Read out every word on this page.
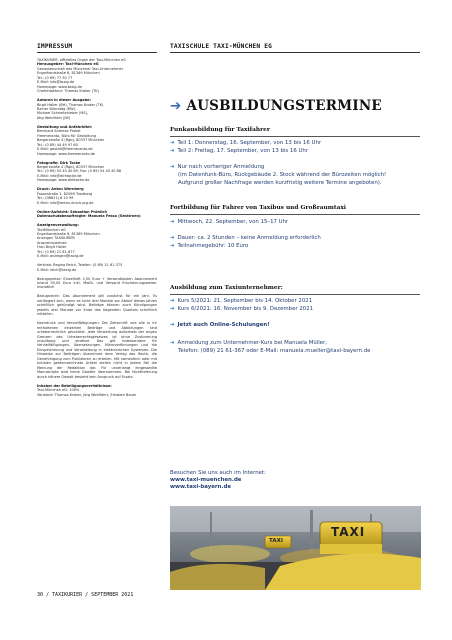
IMPRESSUM	TAXISCHULE TAXI-MÜNCHEN EG
TAXIKURIER, offizielles Organ der Taxi-München eG
Herausgeber: Taxi-München eG
Genossenschaft des Münchner Taxi-Unternehmer
Engelhardstraße 6, 81369 München
Tel.: (0 89) 77 30 77
E-Mail: info@taxig.de
Homepage: www.taxig.de
Chefredakteur: Thomas Kroker (TK)
Autoren in dieser Ausgabe:
Birgit Haller (BH), Thomas Kroker (TK)
Rainer Würrstäg (RW),
Michael Schneitenleber (MS),
Jörg Wohlfahrt (JW)
Gestaltung und Anfahrkitel:
Bernhard Andreas Probst
Freemeranto, Büro für Gestaltung
Bergerstraße 4 (Rgb), 80337 München
Tel.: (0 89) 44 49 97 60
E-Mail: gestalt@freemeranto.de
Homepage: www.freemeranto.de
Fotografie: Dirk Tacke
Bergerstraße 4 (Rgb), 80337 München
Tel.: (0 89) 54 40 40 69, Fax: (0 89) 54 40 40 88
E-Mail: info@dirktacke.de
Homepage: www.dirktacke.de
Druck: Anton Wernberg
Fasanstraße 1, 82069 Trostberg
Tel.: (08621) 6 10 99
E-Mail: info@anton-druck.org.de
Online-Aufsicht: Sebastian Pröhlich
Datenschutzbeauftragte: Manuela Fessa (Gestirnen)
Anzeigenverwaltung:
TaxiMünchen eG
Engelhardstraße 6, 81369 München
Anzeigen TAXIKURIER
Ansprechpartner:
Frau Birgit Haller
Tel.: (0 89) 21 61-677
E-Mail: anzeigen@taxig.de
Vertrieb: Regina Reich, Telefon: (0 89) 21 61-375
E-Mail: reich@taxig.de
Bezugspreise: Einzelheft 2,50 Euro + Versandkosten Abonnement Inland 30,00 Euro inkl. MwSt. und Versand Erscheinungsweise: monatlich
Bezugsrecht: Das Abonnement gilt zunächst für ein Jahr. Es verlängert sich, wenn es nicht drei Monate vor Ablauf dieses Jahres schriftlich gekündigt wird. Beiträge können auch Kündigungen jeweils drei Monate vor Ende des folgenden Quartals schriftlich mitteilen.
Nachdruck und Vervielfältigungen: Die Zeitschrift und alle in ihr enthaltenen einzelnen Beiträge und Abbildungen sind urheberrechtlich geschützt. Jede Verwertung außerhalb der engen Grenzen des Urheberrechtsgesetzes ist ohne Zustimmung unzulässig und strafbar. Das gilt insbesondere für Vervielfältigungen, Übersetzungen, Mikroverfilmungen und die Einspeicherung und Verarbeitung in elektronischen Systemen. Die Hinweise zur Beiträgen übernimmt dem Verlag das Recht, die Genehmigung zum Publizieren zu erteilen. Mit namentlich oder mit Initialen gekennzeichnete Artikel stellen nicht in jedem Fall die Meinung der Redaktion dar. Für unverlangt eingesandte Manuskripte wird keine Gewähr übernommen. Bei Nichtlieferung durch höhere Gewalt besteht kein Anspruch auf Ersatz.
Inhaber der Beteiligungsverhältnisse:
Taxi-München eG: 100%
Vorstand: Thomas Kroker, Jörg Wohlfahrt, Erhaben Bauer
➔ AUSBILDUNGSTERMINE
Funkausbildung für Taxifahrer
➔ Teil 1: Donnerstag, 16. September, von 13 bis 16 Uhr
➔ Teil 2: Freitag, 17. September, von 13 bis 16 Uhr
➔ Nur nach vorheriger Anmeldung
(im Datenfunk-Büro, Rückgebäude 2. Stock während der Bürozeiten möglich!
Aufgrund großer Nachfrage werden kurzfristig weitere Termine angeboten).
Fortbildung für Fahrer von Taxibus und Großraumtaxi
➔ Mittwoch, 22. September, von 15–17 Uhr
➔ Dauer: ca. 2 Stunden – keine Anmeldung erforderlich
➔ Teilnahmegebühr: 10 Euro
Ausbildung zum Taxiunternehmer:
➔ Kurs 5/2021: 21. September bis 14. Oktober 2021
➔ Kurs 6/2021: 16. November bis 9. Dezember 2021
➔ Jetzt auch Online-Schulungen!
➔ Anmeldung zum Unternehmer-Kurs bei Manuela Müller,
Telefon: (089) 21 61-367 oder E-Mail: manuela.mueller@taxi-bayern.de
Besuchen Sie uns auch im Internet:
www.taxi-muenchen.de
www.taxi-bayern.de
TAXI
TAXI
30 / TAXIKURIER / SEPTEMBER 2021
